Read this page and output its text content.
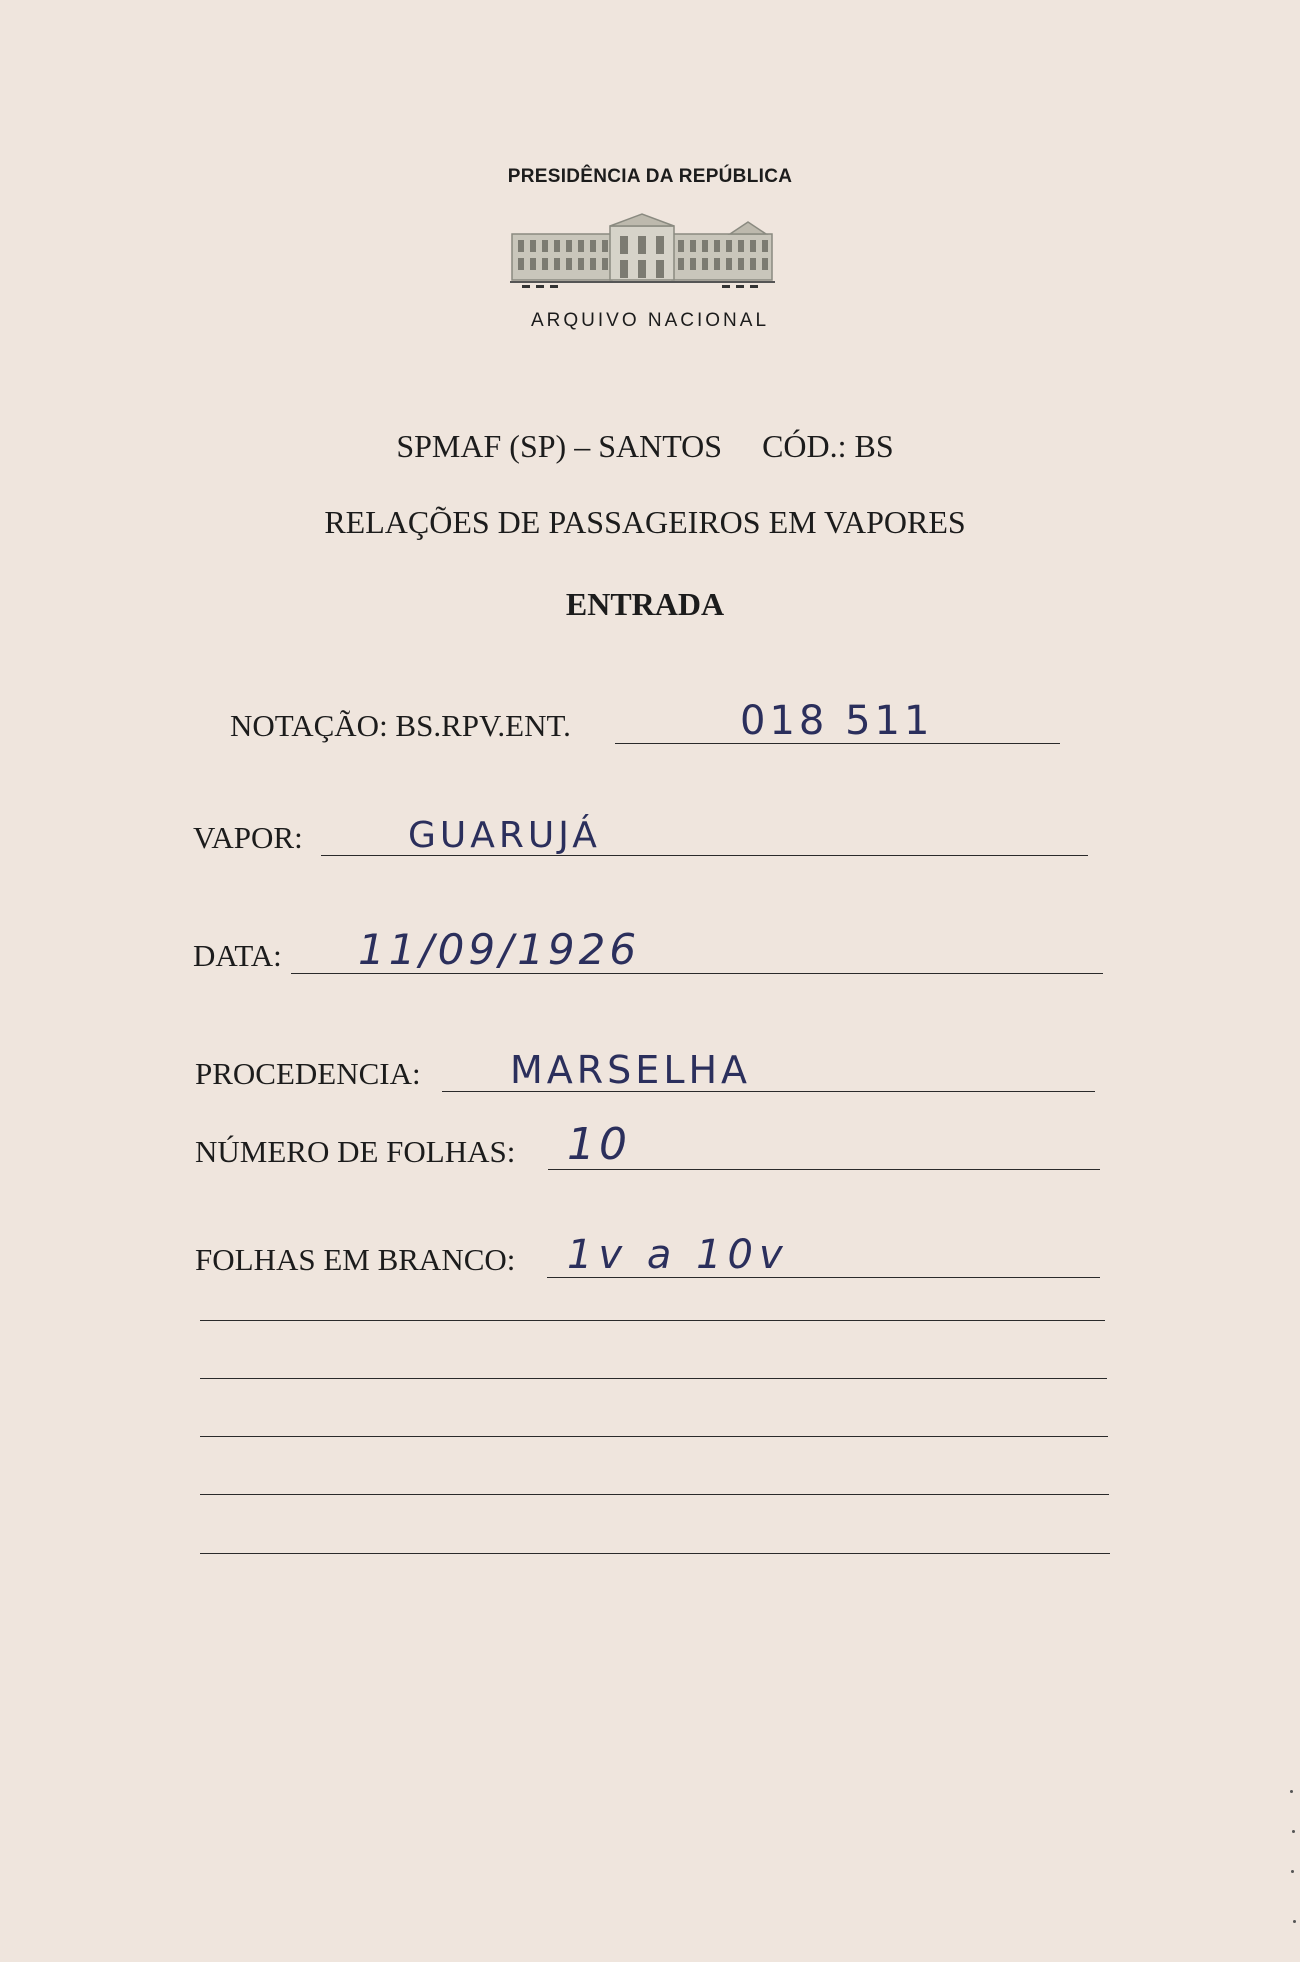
PRESIDÊNCIA DA REPÚBLICA
ARQUIVO NACIONAL
SPMAF (SP) – SANTOS     CÓD.: BS
RELAÇÕES DE PASSAGEIROS EM VAPORES
ENTRADA
NOTAÇÃO: BS.RPV.ENT.	018 511
VAPOR:	GUARUJÁ
DATA: 11/09/1926
PROCEDENCIA: MARSELHA
NÚMERO DE FOLHAS: 10
FOLHAS EM BRANCO: 1v a 10v
